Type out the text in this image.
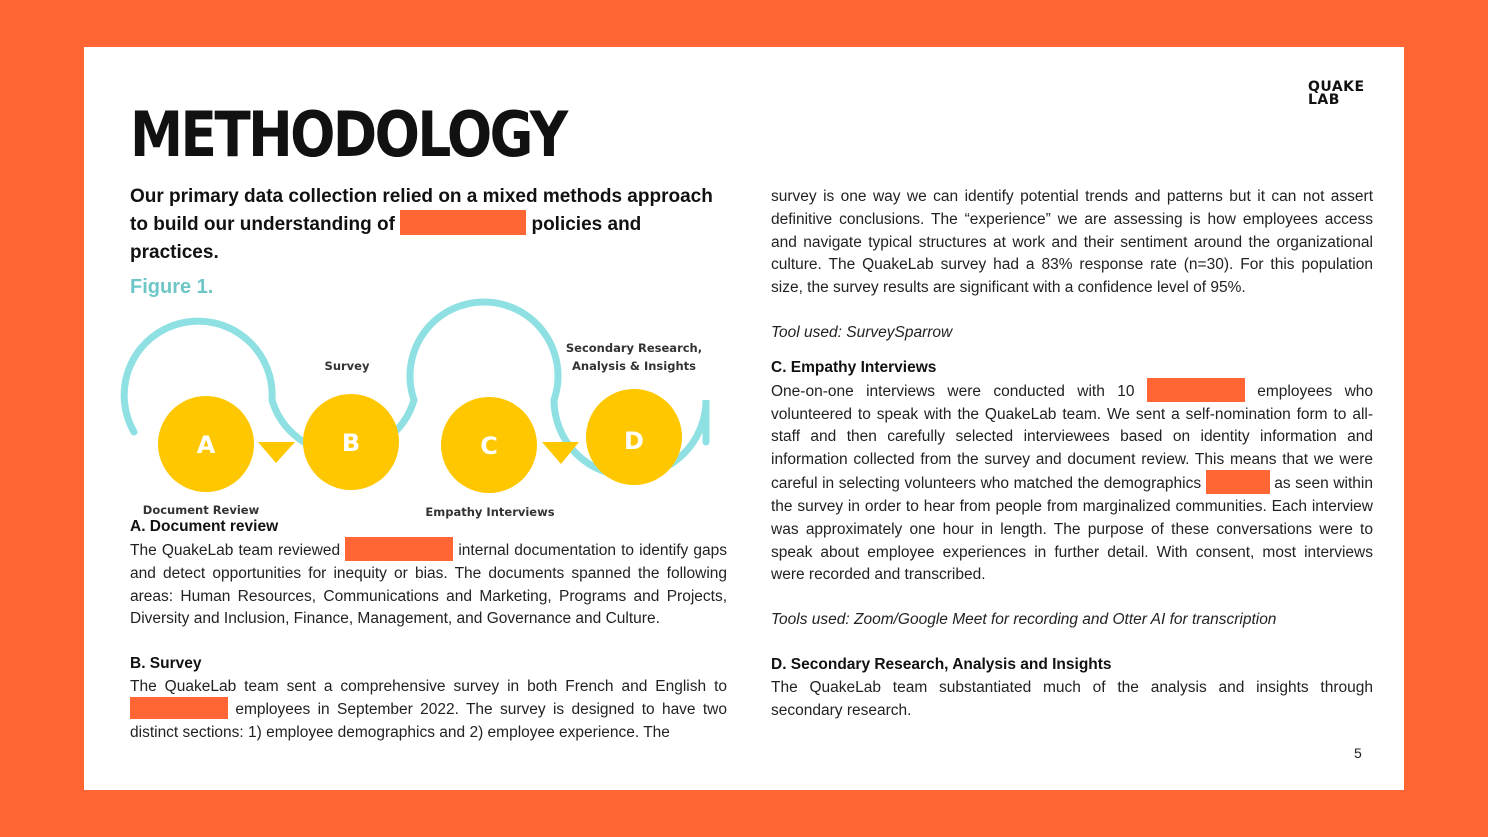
QUAKE
LAB
METHODOLOGY

Our primary data collection relied on a mixed methods approach to build our understanding of	policies and practices.

Figure 1.
A	B	C	D
Document Review
Survey
Empathy Interviews
Secondary Research,
Analysis & Insights
A. Document review

The QuakeLab team reviewed	internal documentation to identify gaps and detect opportunities for inequity or bias. The documents spanned the following areas: Human Resources, Communications and Marketing, Programs and Projects, Diversity and Inclusion, Finance, Management, and Governance and Culture.

B. Survey

The QuakeLab team sent a comprehensive survey in both French and English to  employees in September 2022. The survey is designed to have two distinct sections: 1) employee demographics and 2) employee experience. The

survey is one way we can identify potential trends and patterns but it can not assert definitive conclusions. The “experience” we are assessing is how employees access and navigate typical structures at work and their sentiment around the organizational culture. The QuakeLab survey had a 83% response rate (n=30). For this population size, the survey results are significant with a confidence level of 95%.

Tool used: SurveySparrow

C. Empathy Interviews

One-on-one interviews were conducted with 10	employees who volunteered to speak with the QuakeLab team. We sent a self-nomination form to all-staff and then carefully selected interviewees based on identity information and information collected from the survey and document review. This means that we were careful in selecting volunteers who matched the demographics	as seen within the survey in order to hear from people from marginalized communities. Each interview was approximately one hour in length. The purpose of these conversations were to speak about employee experiences in further detail. With consent, most interviews were recorded and transcribed.

Tools used: Zoom/Google Meet for recording and Otter AI for transcription

D. Secondary Research, Analysis and Insights

The QuakeLab team substantiated much of the analysis and insights through secondary research.

5
